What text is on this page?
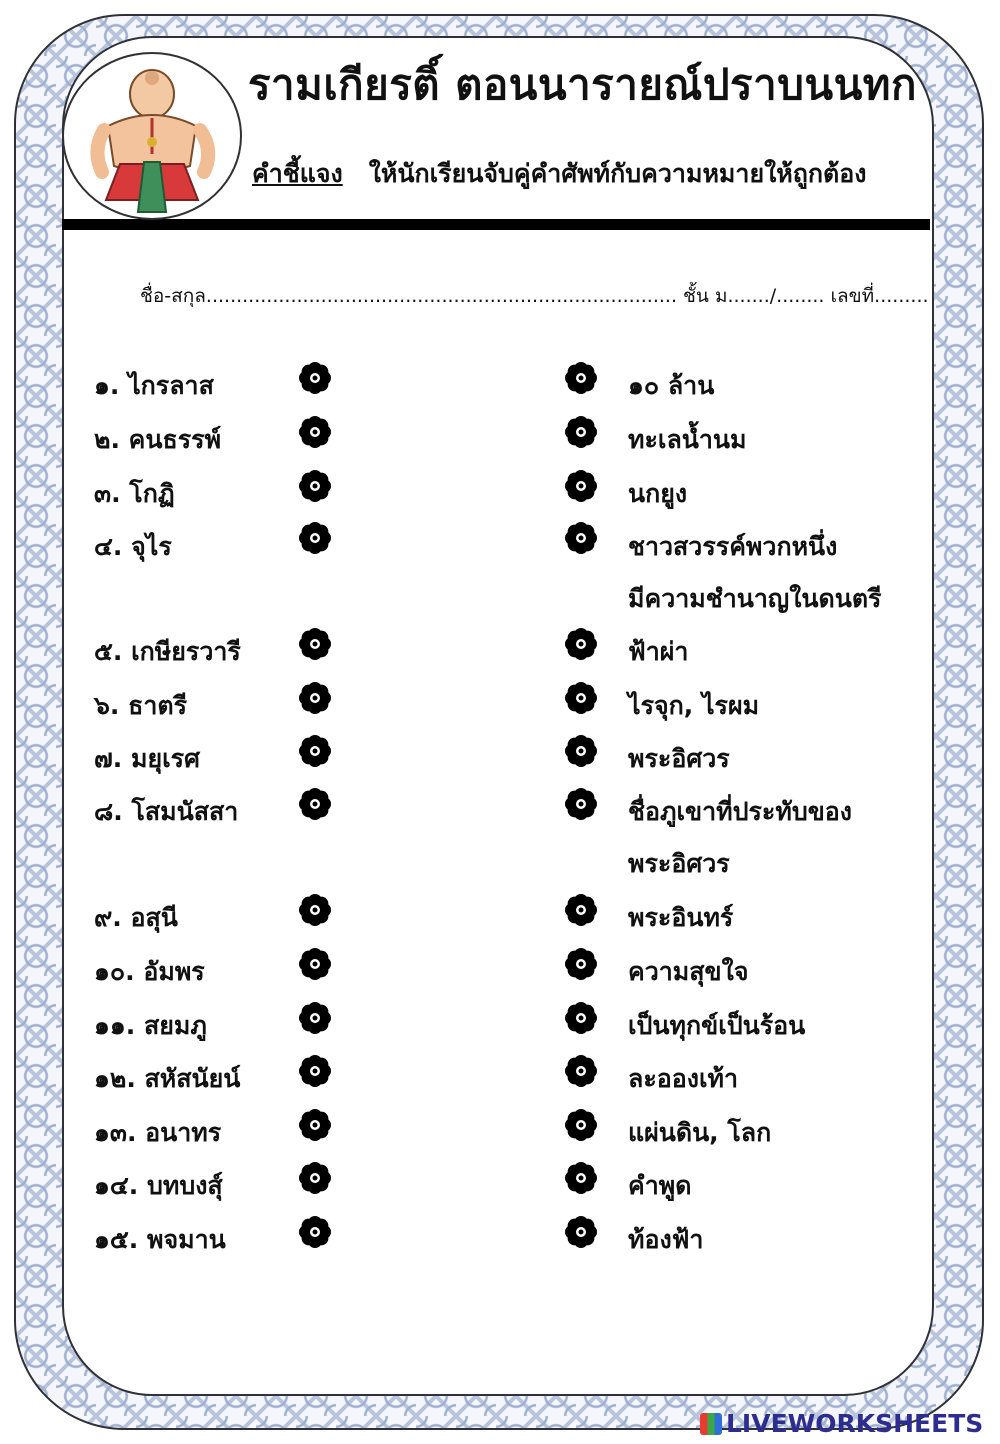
รามเกียรติ์ ตอนนารายณ์ปราบนนทก
คำชี้แจง ให้นักเรียนจับคู่คำศัพท์กับความหมายให้ถูกต้อง
ชื่อ-สกุล.............................................................................. ชั้น ม......./........ เลขที่.........
๑. ไกรลาส
๒. คนธรรพ์
๓. โกฏิ
๔. จุไร
๕. เกษียรวารี
๖. ธาตรี
๗. มยุเรศ
๘. โสมนัสสา
๙. อสุนี
๑๐. อัมพร
๑๑. สยมภู
๑๒. สหัสนัยน์
๑๓. อนาทร
๑๔. บทบงสุ์
๑๕. พจมาน
๑๐ ล้าน
ทะเลน้ำนม
นกยูง
ชาวสวรรค์พวกหนึ่ง
มีความชำนาญในดนตรี
ฟ้าผ่า
ไรจุก, ไรผม
พระอิศวร
ชื่อภูเขาที่ประทับของ
พระอิศวร
พระอินทร์
ความสุขใจ
เป็นทุกข์เป็นร้อน
ละอองเท้า
แผ่นดิน, โลก
คำพูด
ท้องฟ้า
LIVEWORKSHEETS
